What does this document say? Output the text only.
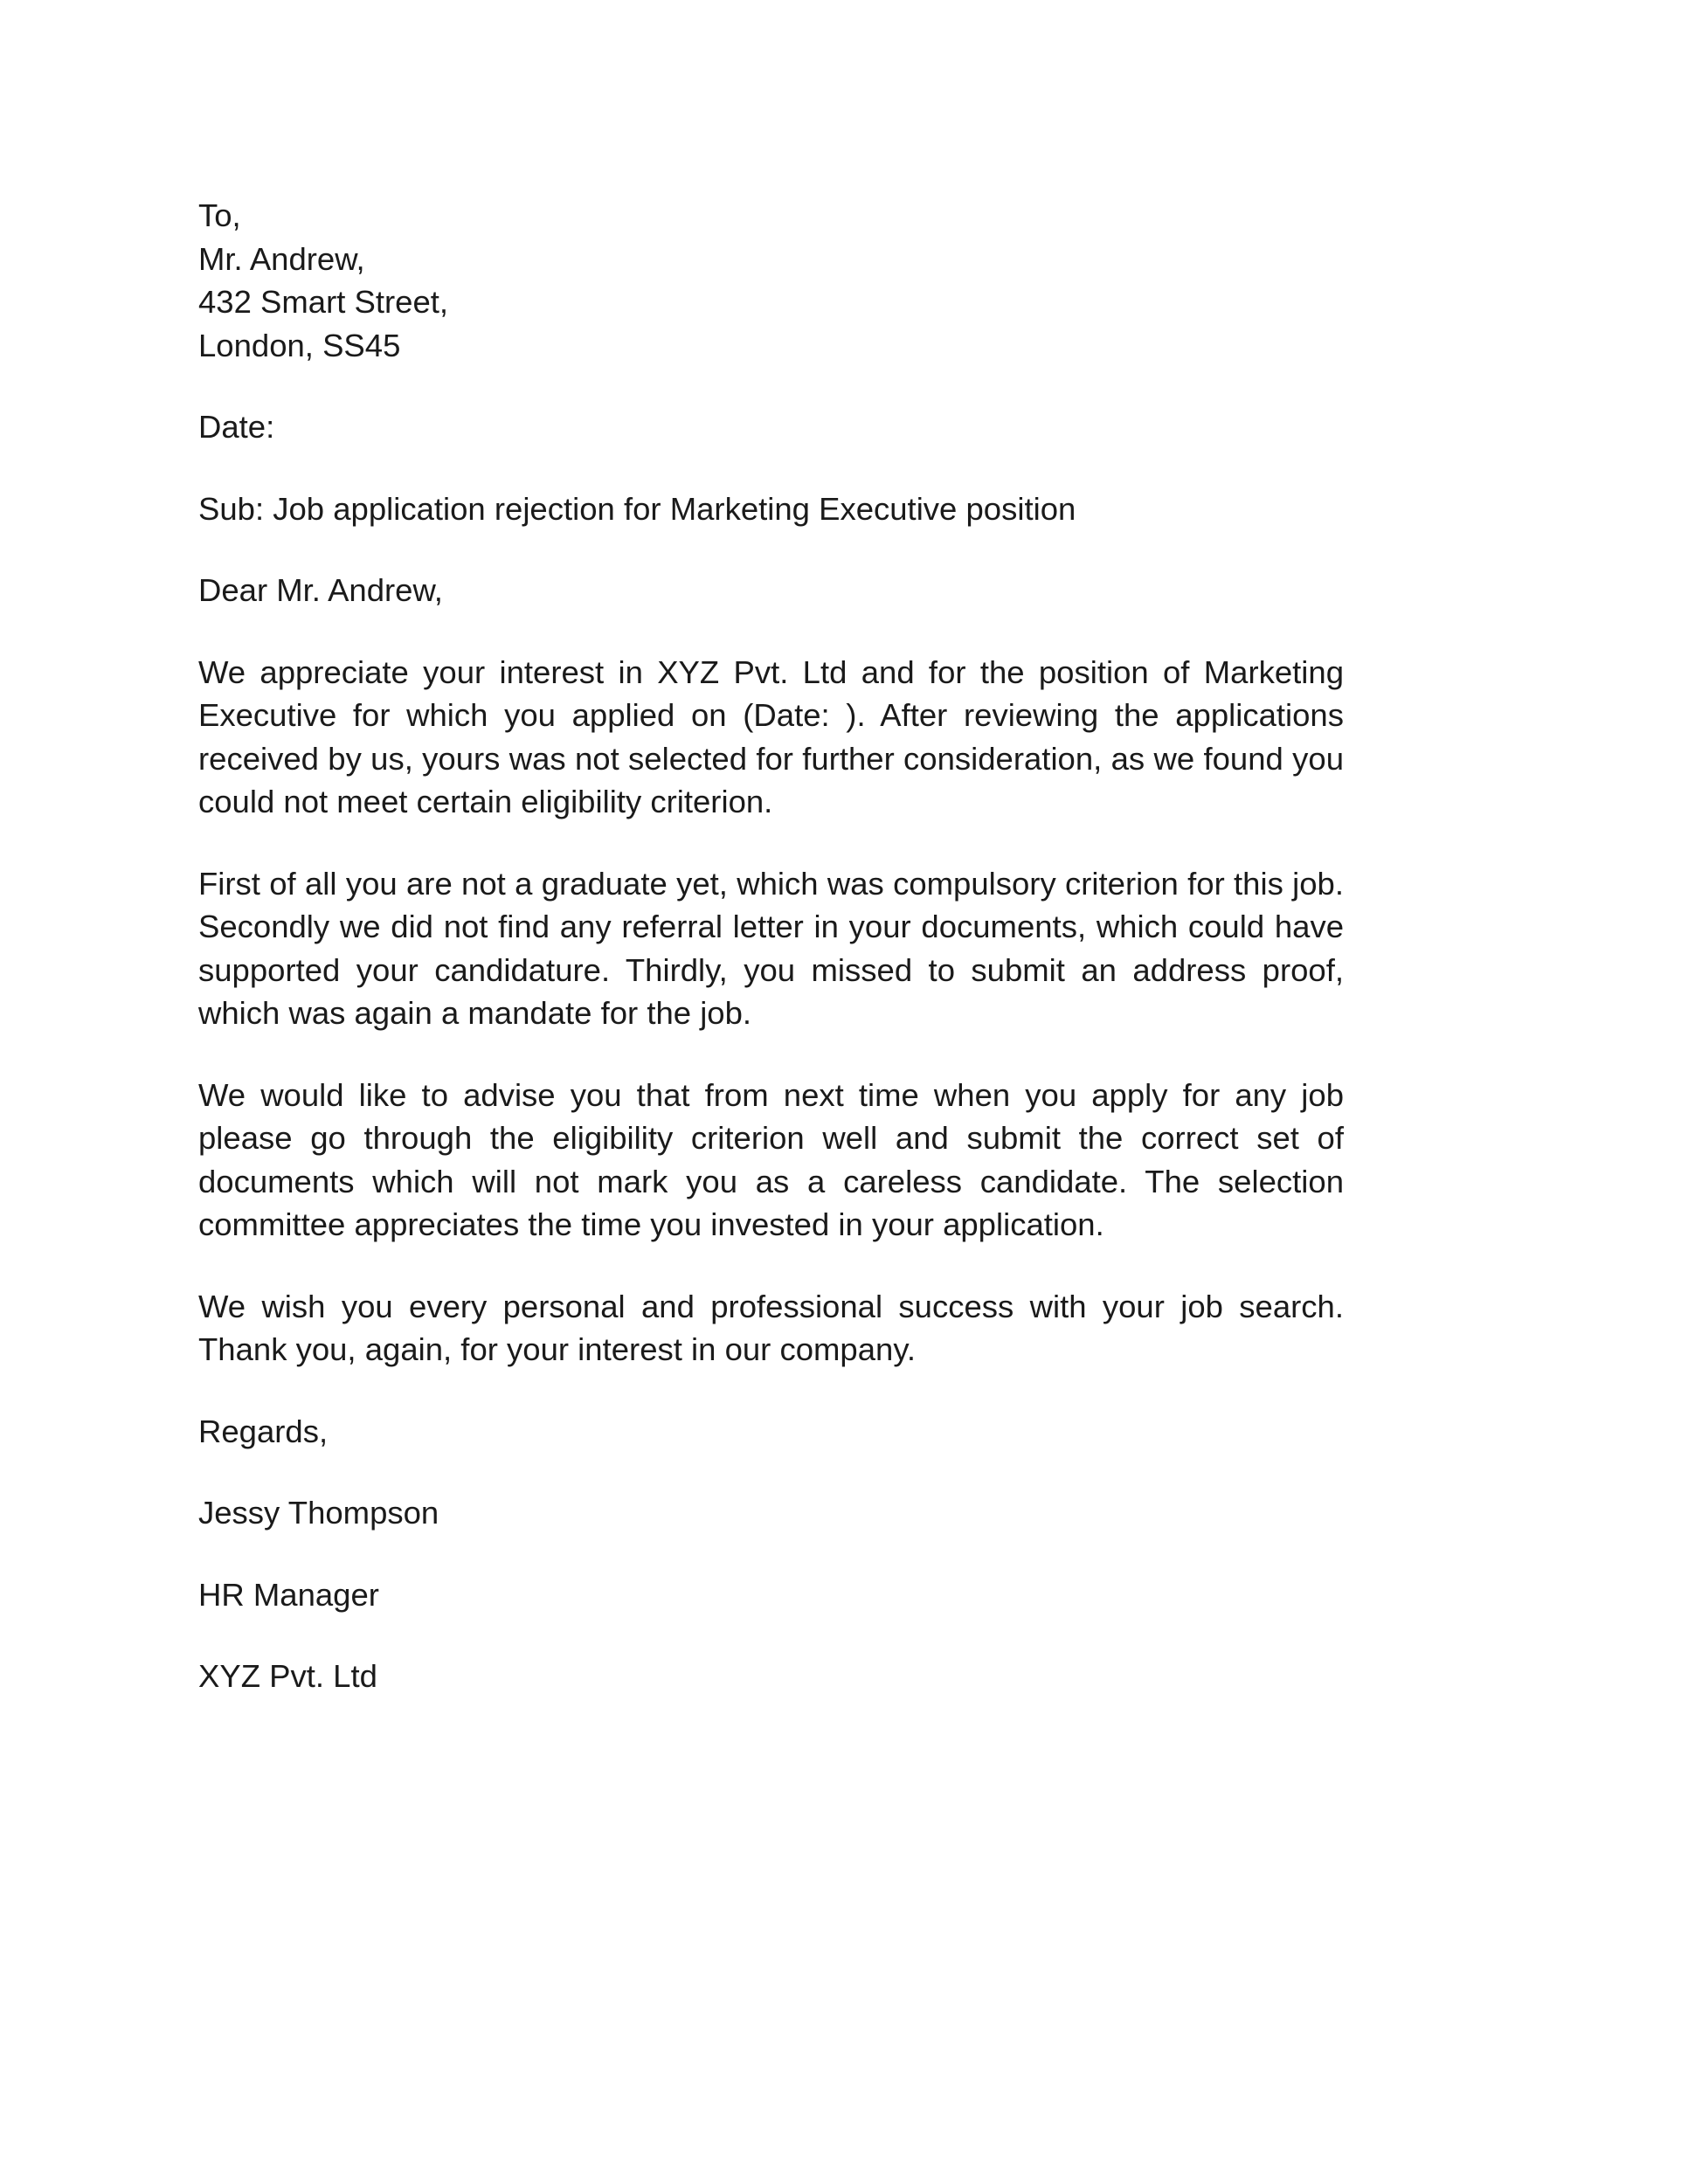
To,

Mr. Andrew,

432 Smart Street,

London, SS45

Date:

Sub: Job application rejection for Marketing Executive position

Dear Mr. Andrew,

We appreciate your interest in XYZ Pvt. Ltd and for the position of Marketing Executive for which you applied on (Date: ). After reviewing the applications received by us, yours was not selected for further consideration, as we found you could not meet certain eligibility criterion.

First of all you are not a graduate yet, which was compulsory criterion for this job. Secondly we did not find any referral letter in your documents, which could have supported your candidature. Thirdly, you missed to submit an address proof, which was again a mandate for the job.

We would like to advise you that from next time when you apply for any job please go through the eligibility criterion well and submit the correct set of documents which will not mark you as a careless candidate. The selection committee appreciates the time you invested in your application.

We wish you every personal and professional success with your job search. Thank you, again, for your interest in our company.

Regards,

Jessy Thompson

HR Manager

XYZ Pvt. Ltd
